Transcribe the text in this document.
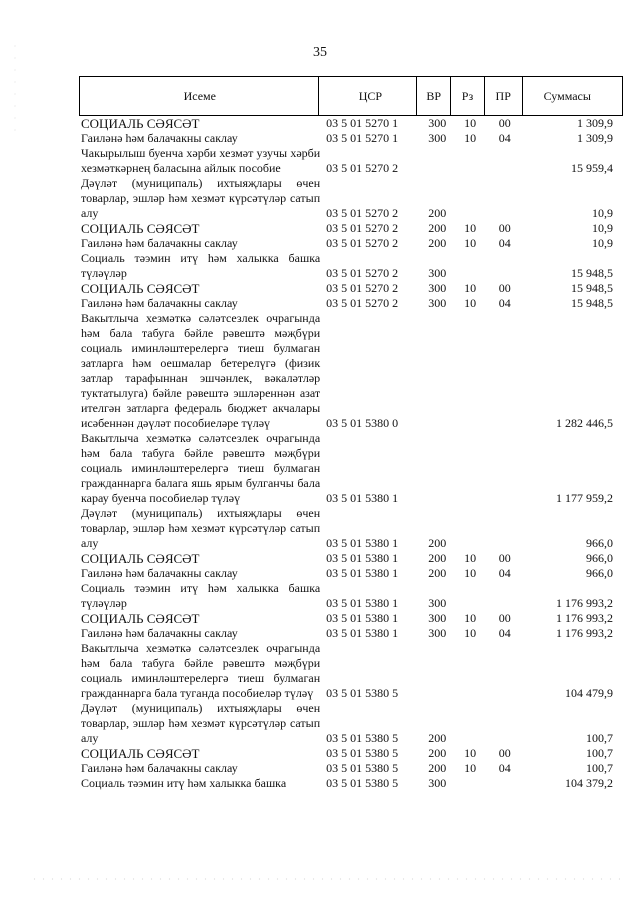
35
Исеме	ЦСР	ВР	Рз	ПР	Суммасы
СОЦИАЛЬ СӘЯСӘТ	03 5 01 5270 1	300	10	00	1 309,9
Гаиләнә һәм балачакны саклау	03 5 01 5270 1	300	10	04	1 309,9
Чакырылыш буенча хәрби хезмәт узучы хәрби хезмәткәрнең баласына айлык пособие	03 5 01 5270 2				15 959,4
Дәүләт (муниципаль) ихтыяҗлары өчен товарлар, эшләр һәм хезмәт күрсәтүләр сатып алу	03 5 01 5270 2	200			10,9
СОЦИАЛЬ СӘЯСӘТ	03 5 01 5270 2	200	10	00	10,9
Гаиләнә һәм балачакны саклау	03 5 01 5270 2	200	10	04	10,9
Социаль тәэмин итү һәм халыкка башка түләүләр	03 5 01 5270 2	300			15 948,5
СОЦИАЛЬ СӘЯСӘТ	03 5 01 5270 2	300	10	00	15 948,5
Гаиләнә һәм балачакны саклау	03 5 01 5270 2	300	10	04	15 948,5
Вакытлыча хезмәткә сәләтсезлек очрагында һәм бала табуга бәйле рәвештә мәҗбүри социаль иминләштерелергә тиеш булмаган затларга һәм оешмалар бетерелүгә (физик затлар тарафыннан эшчәнлек, вәкаләтләр туктатылуга) бәйле рәвештә эшләреннән азат ителгән затларга федераль бюджет акчалары исәбеннән дәүләт пособиеләре түләү	03 5 01 5380 0				1 282 446,5
Вакытлыча хезмәткә сәләтсезлек очрагында һәм бала табуга бәйле рәвештә мәҗбүри социаль иминләштерелергә тиеш булмаган гражданнарга балага яшь ярым булганчы бала карау буенча пособиеләр түләү	03 5 01 5380 1				1 177 959,2
Дәүләт (муниципаль) ихтыяҗлары өчен товарлар, эшләр һәм хезмәт күрсәтүләр сатып алу	03 5 01 5380 1	200			966,0
СОЦИАЛЬ СӘЯСӘТ	03 5 01 5380 1	200	10	00	966,0
Гаиләнә һәм балачакны саклау	03 5 01 5380 1	200	10	04	966,0
Социаль тәэмин итү һәм халыкка башка түләүләр	03 5 01 5380 1	300			1 176 993,2
СОЦИАЛЬ СӘЯСӘТ	03 5 01 5380 1	300	10	00	1 176 993,2
Гаиләнә һәм балачакны саклау	03 5 01 5380 1	300	10	04	1 176 993,2
Вакытлыча хезмәткә сәләтсезлек очрагында һәм бала табуга бәйле рәвештә мәҗбүри социаль иминләштерелергә тиеш булмаган гражданнарга бала туганда пособиеләр түләү	03 5 01 5380 5				104 479,9
Дәүләт (муниципаль) ихтыяҗлары өчен товарлар, эшләр һәм хезмәт күрсәтүләр сатып алу	03 5 01 5380 5	200			100,7
СОЦИАЛЬ СӘЯСӘТ	03 5 01 5380 5	200	10	00	100,7
Гаиләнә һәм балачакны саклау	03 5 01 5380 5	200	10	04	100,7
Социаль тәэмин итү һәм халыкка башка	03 5 01 5380 5	300			104 379,2
